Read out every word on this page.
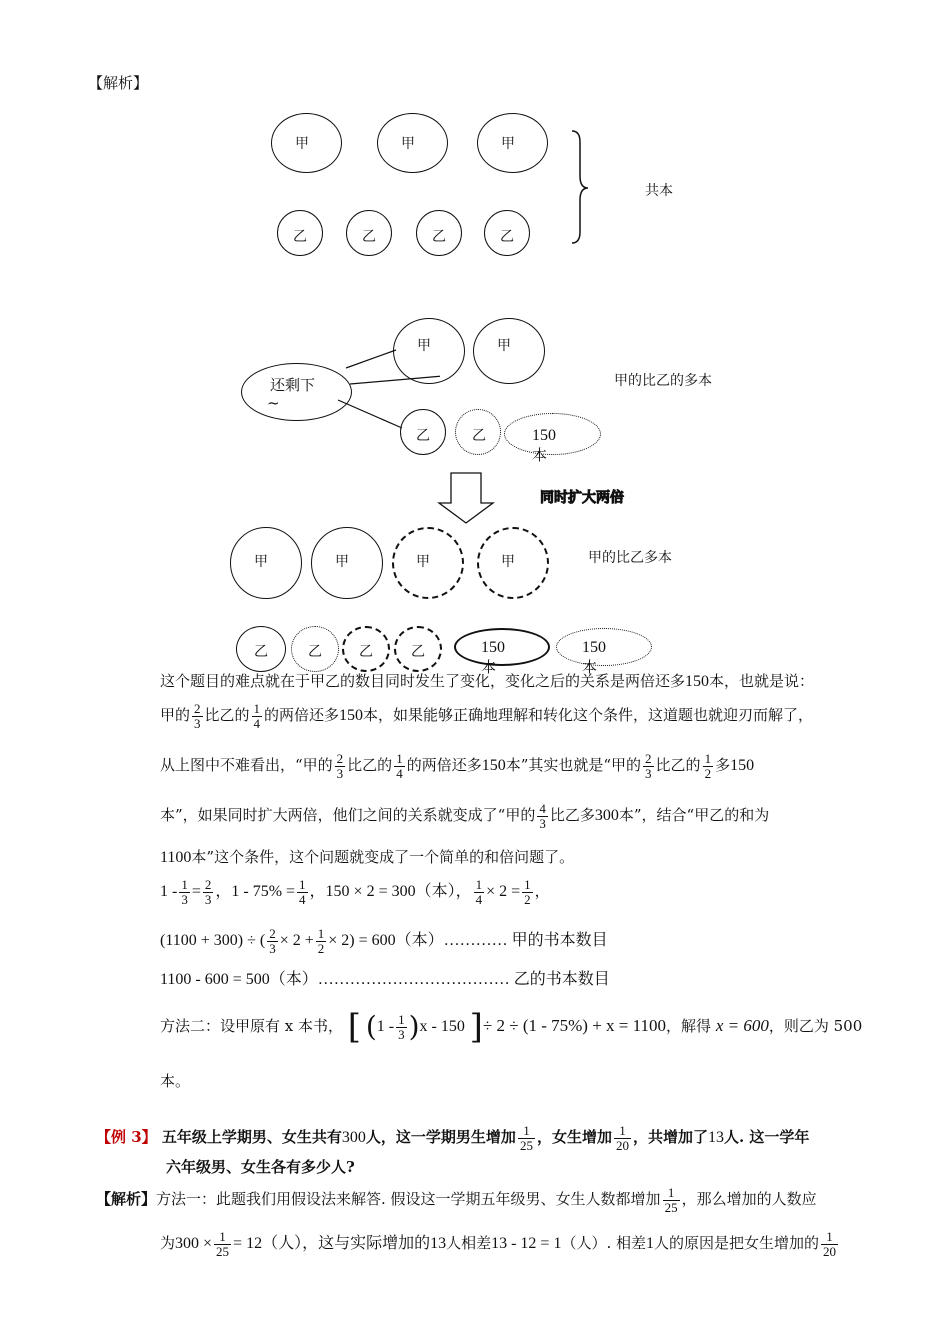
【解析】
甲	甲	甲
乙	乙	乙	乙
共本
还剩下
~
甲	甲
乙	乙	150
本
甲的比乙的多本
同时扩大两倍
甲	甲	甲	甲	甲的比乙多本
乙	乙	乙	乙	150
本
150
本
这个题目的难点就在于甲乙的数目同时发生了变化，变化之后的关系是两倍还多150本，也就是说：
甲的 $\frac{2}{3}$ 比乙的 $\frac{1}{4}$ 的两倍还多150本，如果能够正确地理解和转化这个条件，这道题也就迎刃而解了，
从上图中不难看出，“甲的 $\frac{2}{3}$ 比乙的 $\frac{1}{4}$ 的两倍还多150本”其实也就是“甲的 $\frac{2}{3}$ 比乙的 $\frac{1}{2}$ 多150
本”，如果同时扩大两倍，他们之间的关系就变成了“甲的 $\frac{4}{3}$ 比乙多300本”，结合“甲乙的和为
1100本”这个条件，这个问题就变成了一个简单的和倍问题了。
$1 - \frac{1}{3} = \frac{2}{3}$ ，$1 - 75\% = \frac{1}{4}$ ，150 × 2 = 300（本）， $\frac{1}{4} \times 2 = \frac{1}{2}$ ，
(1100 + 300) ÷ ( $\frac{2}{3} \times 2 + \frac{1}{2} \times 2) = 600$（本）………… 甲的书本数目
1100 - 600 = 500（本）……………………………… 乙的书本数目
方法二：设甲原有 x 本书， [ $(1 - \frac{1}{3} )x - 150$ ]÷ 2 ÷ (1 - 75%) + x = 1100，解得 x = 600，则乙为 500
本。
【例 3】 五年级上学期男、女生共有300人，这一学期男生增加 $\frac{1}{25}$ ，女生增加 $\frac{1}{20}$ ，共增加了13人. 这一学年
六年级男、女生各有多少人?
【解析】方法一：此题我们用假设法来解答. 假设这一学期五年级男、女生人数都增加 $\frac{1}{25}$ ，那么增加的人数应
为$300 \times \frac{1}{25} = 12$（人），这与实际增加的13人相差13 - 12 = 1（人）. 相差1人的原因是把女生增加的 $\frac{1}{20}$
